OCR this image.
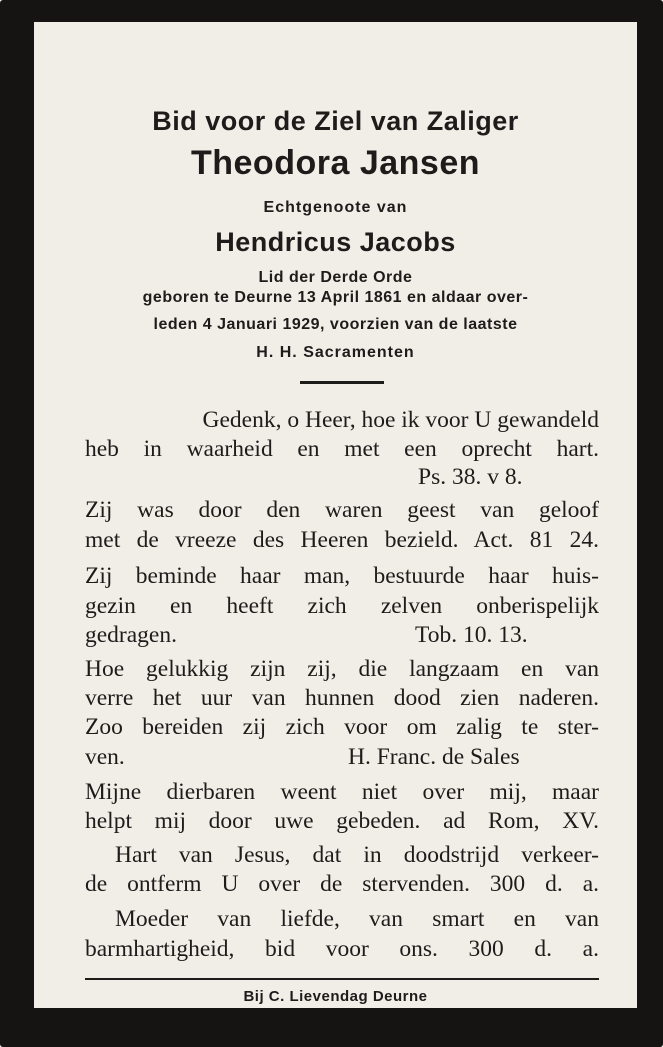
Bid voor de Ziel van Zaliger
Theodora Jansen
Echtgenoote van
Hendricus Jacobs
Lid der Derde Orde
geboren te Deurne 13 April 1861 en aldaar over-
leden 4 Januari 1929, voorzien van de laatste
H. H. Sacramenten
Gedenk, o Heer, hoe ik voor U gewandeld
heb in waarheid en met een oprecht hart.
Ps. 38. v 8.
Zij was door den waren geest van geloof
met de vreeze des Heeren bezield. Act. 81 24.
Zij beminde haar man, bestuurde haar huis-
gezin en heeft zich zelven onberispelijk
gedragen.	Tob. 10. 13.
Hoe gelukkig zijn zij, die langzaam en van
verre het uur van hunnen dood zien naderen.
Zoo bereiden zij zich voor om zalig te ster-
ven.	H. Franc. de Sales
Mijne dierbaren weent niet over mij, maar
helpt mij door uwe gebeden. ad Rom, XV.
Hart van Jesus, dat in doodstrijd verkeer-
de ontferm U over de stervenden. 300 d. a.
Moeder van liefde, van smart en van
barmhartigheid, bid voor ons. 300 d. a.
Bij C. Lievendag Deurne
